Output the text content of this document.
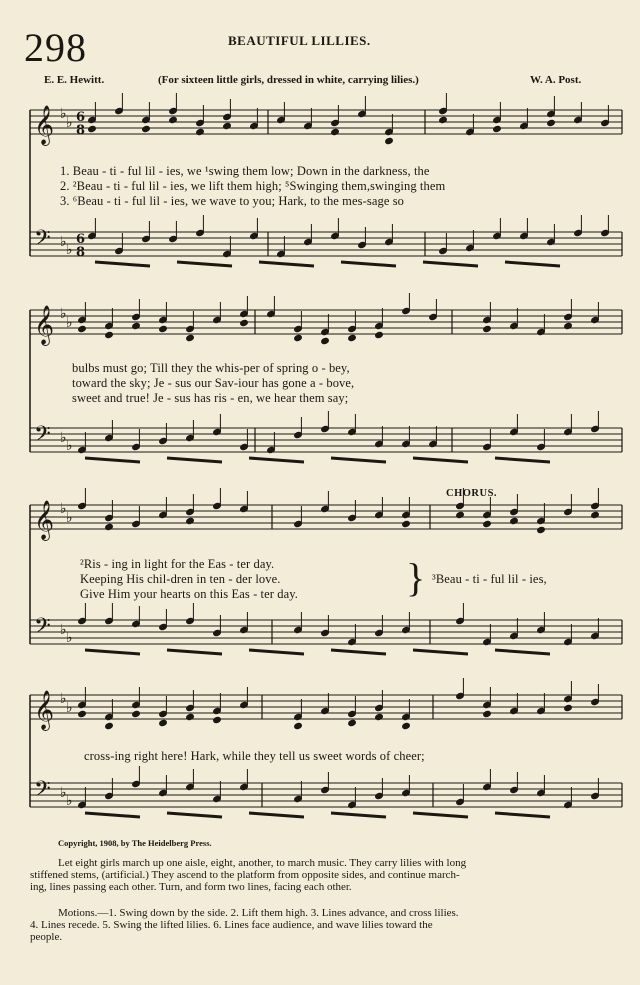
298	BEAUTIFUL LILLIES.
E. E. Hewitt.	(For sixteen little girls, dressed in white, carrying lilies.)	W. A. Post.
𝄞 ♭
♭ 6
8
𝄢 ♭ ♭
6
8
𝄞 ♭
♭
𝄢 ♭ ♭
𝄞 ♭
♭
𝄢 ♭ ♭
𝄞 ♭
♭
𝄢 ♭ ♭
1. Beau - ti - ful lil - ies, we ¹swing them low; Down in the darkness, the
2. ²Beau - ti - ful lil - ies, we lift them high; ⁵Swinging them,swinging them
3. ⁶Beau - ti - ful lil - ies, we wave to you; Hark, to the mes-sage so
bulbs must go; Till they the whis-per of spring o - bey,
toward the sky; Je - sus our Sav-iour has gone a - bove,
sweet and true! Je - sus has ris - en, we hear them say;
CHORUS.
²Ris - ing in light for the Eas - ter day.
Keeping His chil-dren in ten - der love.
Give Him your hearts on this Eas - ter day.
³Beau - ti - ful lil - ies,
}
cross-ing right here! Hark, while they tell us sweet words of cheer;
Copyright, 1908, by The Heidelberg Press.
Let eight girls march up one aisle, eight, another, to march music. They carry lilies with long
stiffened stems, (artificial.) They ascend to the platform from opposite sides, and continue march-
ing, lines passing each other. Turn, and form two lines, facing each other.
Motions.—1. Swing down by the side. 2. Lift them high. 3. Lines advance, and cross lilies.
4. Lines recede. 5. Swing the lifted lilies. 6. Lines face audience, and wave lilies toward the
people.
